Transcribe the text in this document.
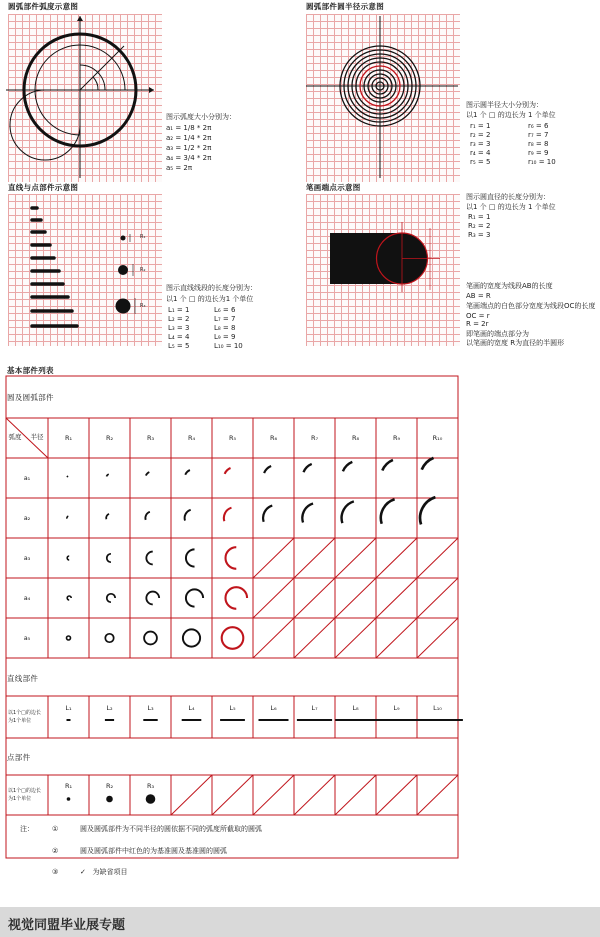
圆弧部件弧度示意图
图示弧度大小分别为：
a₁ = 1/8 * 2π
a₂ = 1/4 * 2π
a₃ = 1/2 * 2π
a₄ = 3/4 * 2π
a₅ = 2π
圆弧部件圆半径示意图
图示圆半径大小分别为：
以1 个 □ 的边长为 1 个单位
r₁ = 1
r₂ = 2
r₃ = 3
r₄ = 4
r₅ = 5
r₆ = 6
r₇ = 7
r₈ = 8
r₉ = 9
r₁₀ = 10
直线与点部件示意图
R₁
R₂
R₃
图示直线线段的长度分别为：
以1 个 □ 的边长为1 个单位
L₁ = 1
L₂ = 2
L₃ = 3
L₄ = 4
L₅ = 5
L₆ = 6
L₇ = 7
L₈ = 8
L₉ = 9
L₁₀ = 10
笔画端点示意图
图示圆直径的长度分别为：
以1 个 □ 的边长为 1 个单位
R₁ = 1
R₂ = 2
R₃ = 3
笔画的宽度为线段AB的长度
AB = R
笔画端点的白色部分宽度为线段OC的长度
OC = r
R = 2r
即笔画的端点部分为
以笔画的宽度 R为直径的半圆形
基本部件列表
圆及圆弧部件
直线部件
点部件
半径
弧度	R₁	R₂	R₃	R₄	R₅	R₆	R₇	R₈	R₉	R₁₀
L₁	L₂	L₃	L₄	L₅	L₆	L₇	L₈	L₉	L₁₀
R₁	R₂	R₃
a₁
a₂
a₃
a₄
a₅
以1个□的边长
为1个单位
以1个□的边长
为1个单位
注：	①	圆及圆弧部件为不同半径的圆依据不同的弧度所截取的圆弧
②	圆及圆弧部件中红色的为基准圆及基准圆的圆弧
③	✓   为缺省项目
视觉同盟毕业展专题
